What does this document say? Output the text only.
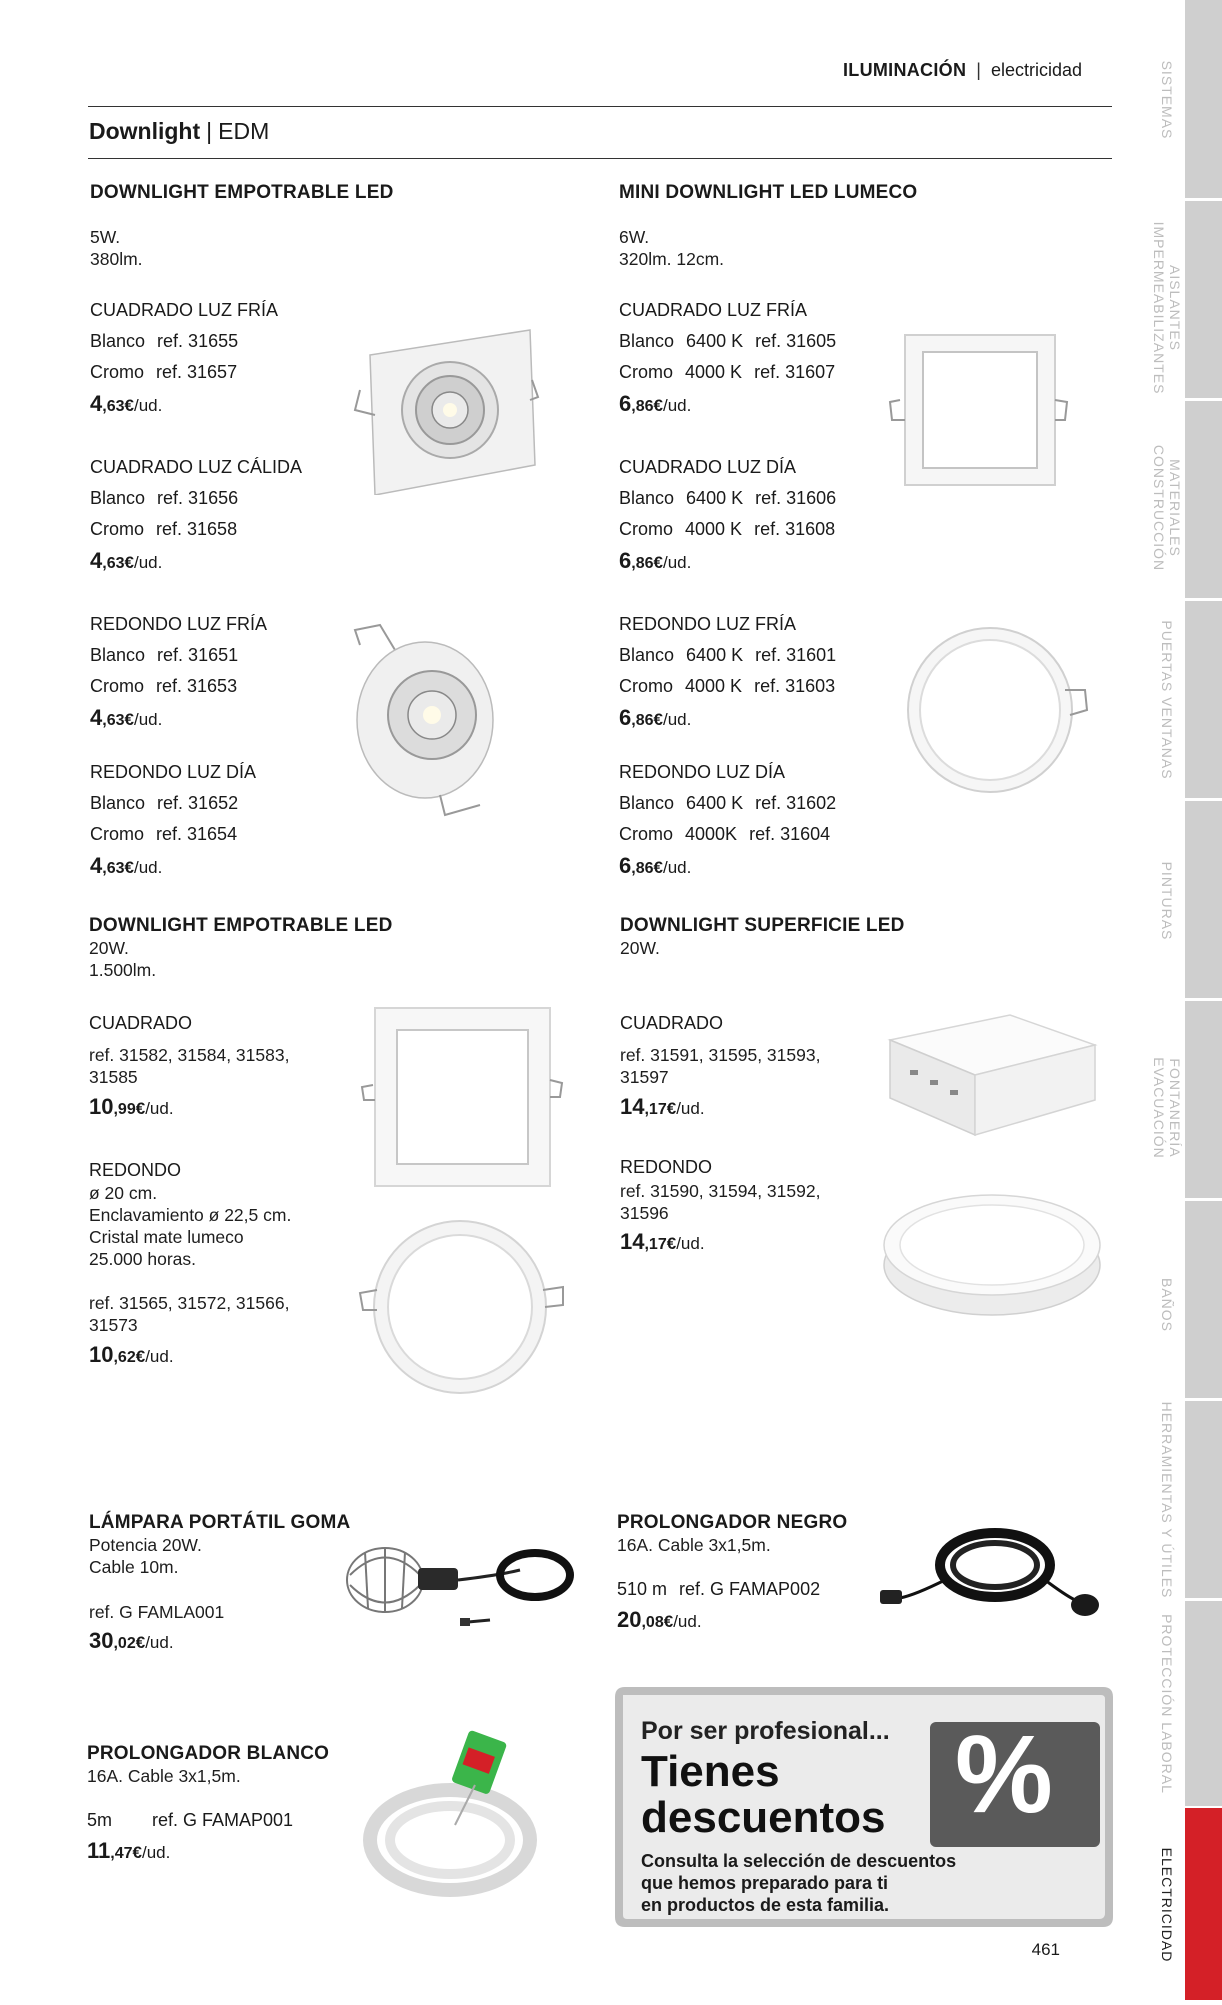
ILUMINACIÓN | electricidad
Downlight | EDM
DOWNLIGHT EMPOTRABLE LED
5W.
380lm.
CUADRADO LUZ FRÍA
Blanco ref. 31655
Cromo ref. 31657
4,63€/ud.
CUADRADO LUZ CÁLIDA
Blanco ref. 31656
Cromo ref. 31658
4,63€/ud.
REDONDO LUZ FRÍA
Blanco ref. 31651
Cromo ref. 31653
4,63€/ud.
REDONDO LUZ DÍA
Blanco ref. 31652
Cromo ref. 31654
4,63€/ud.
MINI DOWNLIGHT LED LUMECO
6W.
320lm. 12cm.
CUADRADO LUZ FRÍA
Blanco 6400 K ref. 31605
Cromo 4000 K ref. 31607
6,86€/ud.
CUADRADO LUZ DÍA
Blanco 6400 K ref. 31606
Cromo 4000 K ref. 31608
6,86€/ud.
REDONDO LUZ FRÍA
Blanco 6400 K ref. 31601
Cromo 4000 K ref. 31603
6,86€/ud.
REDONDO LUZ DÍA
Blanco 6400 K ref. 31602
Cromo 4000K ref. 31604
6,86€/ud.
DOWNLIGHT EMPOTRABLE LED
20W.
1.500lm.
CUADRADO
ref. 31582, 31584, 31583,
31585
10,99€/ud.
REDONDO
ø 20 cm.
Enclavamiento ø 22,5 cm.
Cristal mate lumeco
25.000 horas.
ref. 31565, 31572, 31566,
31573
10,62€/ud.
DOWNLIGHT SUPERFICIE LED
20W.
CUADRADO
ref. 31591, 31595, 31593,
31597
14,17€/ud.
REDONDO
ref. 31590, 31594, 31592,
31596
14,17€/ud.
LÁMPARA PORTÁTIL GOMA
Potencia 20W.
Cable 10m.
ref. G FAMLA001
30,02€/ud.
PROLONGADOR NEGRO
16A. Cable 3x1,5m.
510 m ref. G FAMAP002
20,08€/ud.
PROLONGADOR BLANCO
16A. Cable 3x1,5m.
5m ref. G FAMAP001
11,47€/ud.
Por ser profesional...
Tienes
descuentos %
Consulta la selección de descuentos
que hemos preparado para ti
en productos de esta familia.
461
SISTEMAS
AISLANTES IMPERMEABILIZANTES
MATERIALES CONSTRUCCIÓN
PUERTAS VENTANAS
PINTURAS
FONTANERÍA EVACUACIÓN
BAÑOS
HERRAMIENTAS Y ÚTILES
PROTECCIÓN LABORAL
ELECTRICIDAD
